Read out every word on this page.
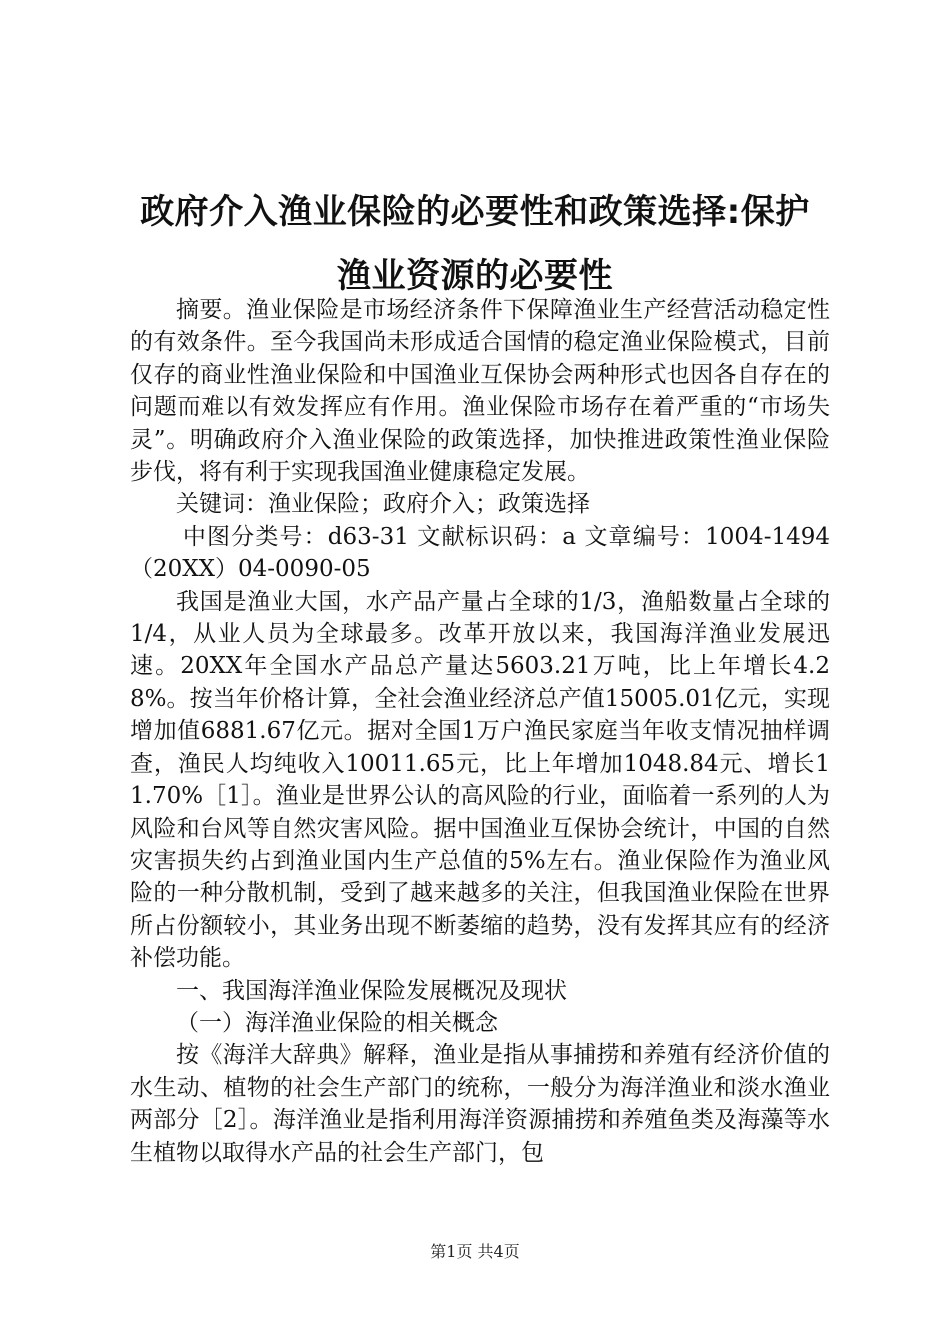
政府介入渔业保险的必要性和政策选择:保护
渔业资源的必要性

摘要。渔业保险是市场经济条件下保障渔业生产经营活动稳定性的有效条件。至今我国尚未形成适合国情的稳定渔业保险模式，目前仅存的商业性渔业保险和中国渔业互保协会两种形式也因各自存在的问题而难以有效发挥应有作用。渔业保险市场存在着严重的“市场失灵”。明确政府介入渔业保险的政策选择，加快推进政策性渔业保险步伐，将有利于实现我国渔业健康稳定发展。

关键词：渔业保险；政府介入；政策选择

中图分类号：d63-31 文献标识码：a 文章编号：1004-1494（20XX）04-0090-05

我国是渔业大国，水产品产量占全球的1/3，渔船数量占全球的1/4，从业人员为全球最多。改革开放以来，我国海洋渔业发展迅速。20XX年全国水产品总产量达5603.21万吨，比上年增长4.28%。按当年价格计算，全社会渔业经济总产值15005.01亿元，实现增加值6881.67亿元。据对全国1万户渔民家庭当年收支情况抽样调查，渔民人均纯收入10011.65元，比上年增加1048.84元、增长11.70%［1］。渔业是世界公认的高风险的行业，面临着一系列的人为风险和台风等自然灾害风险。据中国渔业互保协会统计，中国的自然灾害损失约占到渔业国内生产总值的5%左右。渔业保险作为渔业风险的一种分散机制，受到了越来越多的关注，但我国渔业保险在世界所占份额较小，其业务出现不断萎缩的趋势，没有发挥其应有的经济补偿功能。

一、我国海洋渔业保险发展概况及现状

（一）海洋渔业保险的相关概念

按《海洋大辞典》解释，渔业是指从事捕捞和养殖有经济价值的水生动、植物的社会生产部门的统称，一般分为海洋渔业和淡水渔业两部分［2］。海洋渔业是指利用海洋资源捕捞和养殖鱼类及海藻等水生植物以取得水产品的社会生产部门，包

第1页 共4页
